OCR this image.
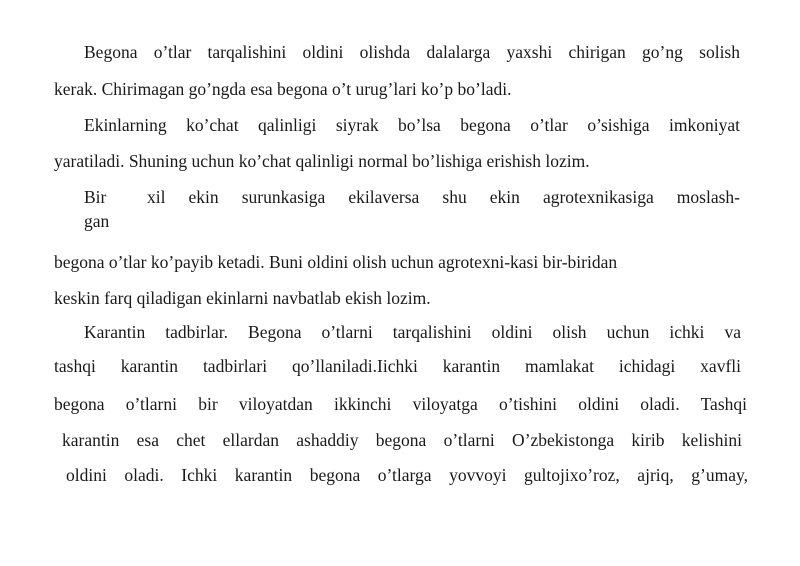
Begona o’tlar tarqalishini oldini olishda dalalarga yaxshi chirigan go’ng solish
kerak. Chirimagan go’ngda esa begona o’t urug’lari ko’p bo’ladi.
Ekinlarning ko’chat qalinligi siyrak bo’lsa begona o’tlar o’sishiga imkoniyat
yaratiladi. Shuning uchun ko’chat qalinligi normal bo’lishiga erishish lozim.
Bir xil ekin surunkasiga ekilaversa shu ekin agrotexnikasiga moslash-
gan
begona o’tlar ko’payib ketadi. Buni oldini olish uchun agrotexni-kasi bir-biridan
keskin farq qiladigan ekinlarni navbatlab ekish lozim.
Karantin tadbirlar. Begona o’tlarni tarqalishini oldini olish uchun ichki va
tashqi karantin tadbirlari qo’llaniladi.Iichki karantin mamlakat ichidagi xavfli
begona o’tlarni bir viloyatdan ikkinchi viloyatga o’tishini oldini oladi. Tashqi
karantin esa chet ellardan ashaddiy begona o’tlarni O’zbekistonga kirib kelishini
oldini oladi. Ichki karantin begona o’tlarga yovvoyi gultojixo’roz, ajriq, g’umay,
